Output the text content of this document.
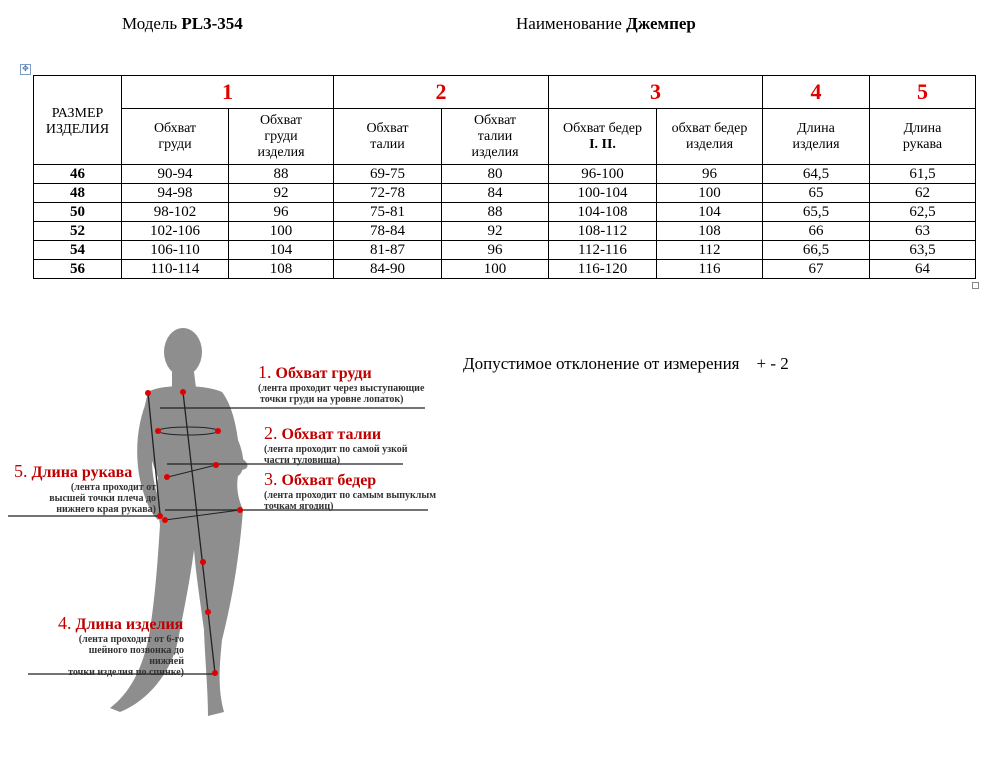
Модель PL3-354	Наименование Джемпер
✥
РАЗМЕР ИЗДЕЛИЯ	1		2		3		4	5
	Обхват груди	Обхват груди изделия	Обхват талии	Обхват талии изделия	Обхват бедер
I. II.	обхват бедер изделия	Длина изделия	Длина рукава
46	90-94	88	69-75	80	96-100	96	64,5	61,5
48	94-98	92	72-78	84	100-104	100	65	62
50	98-102	96	75-81	88	104-108	104	65,5	62,5
52	102-106	100	78-84	92	108-112	108	66	63
54	106-110	104	81-87	96	112-116	112	66,5	63,5
56	110-114	108	84-90	100	116-120	116	67	64
Допустимое отклонение от измерения    + - 2
1. Обхват груди
(лента проходит через выступающие
точки груди на уровне лопаток)
2. Обхват талии
(лента проходит по самой узкой
части туловища)
3. Обхват бедер
(лента проходит по самым выпуклым
точкам ягодиц)
5. Длина рукава
(лента проходит от
высшей точки плеча до
нижнего края рукава)
4. Длина изделия
(лента проходит от 6-го
шейного позвонка до нижней
точки изделия по спинке)
